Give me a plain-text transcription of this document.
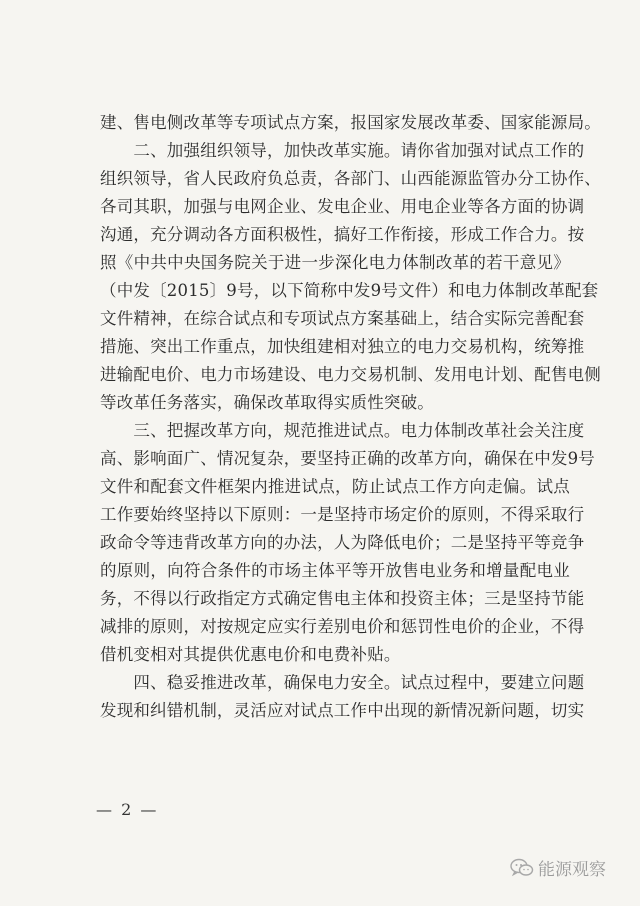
建、售电侧改革等专项试点方案，报国家发展改革委、国家能源局。
　　二、加强组织领导，加快改革实施。请你省加强对试点工作的
组织领导，省人民政府负总责，各部门、山西能源监管办分工协作、
各司其职，加强与电网企业、发电企业、用电企业等各方面的协调
沟通，充分调动各方面积极性，搞好工作衔接，形成工作合力。按
照《中共中央国务院关于进一步深化电力体制改革的若干意见》
（中发〔2015〕9号，以下简称中发9号文件）和电力体制改革配套
文件精神，在综合试点和专项试点方案基础上，结合实际完善配套
措施、突出工作重点，加快组建相对独立的电力交易机构，统筹推
进输配电价、电力市场建设、电力交易机制、发用电计划、配售电侧
等改革任务落实，确保改革取得实质性突破。
　　三、把握改革方向，规范推进试点。电力体制改革社会关注度
高、影响面广、情况复杂，要坚持正确的改革方向，确保在中发9号
文件和配套文件框架内推进试点，防止试点工作方向走偏。试点
工作要始终坚持以下原则：一是坚持市场定价的原则，不得采取行
政命令等违背改革方向的办法，人为降低电价；二是坚持平等竞争
的原则，向符合条件的市场主体平等开放售电业务和增量配电业
务，不得以行政指定方式确定售电主体和投资主体；三是坚持节能
减排的原则，对按规定应实行差别电价和惩罚性电价的企业，不得
借机变相对其提供优惠电价和电费补贴。
　　四、稳妥推进改革，确保电力安全。试点过程中，要建立问题
发现和纠错机制，灵活应对试点工作中出现的新情况新问题，切实
— 2 —
能源观察
